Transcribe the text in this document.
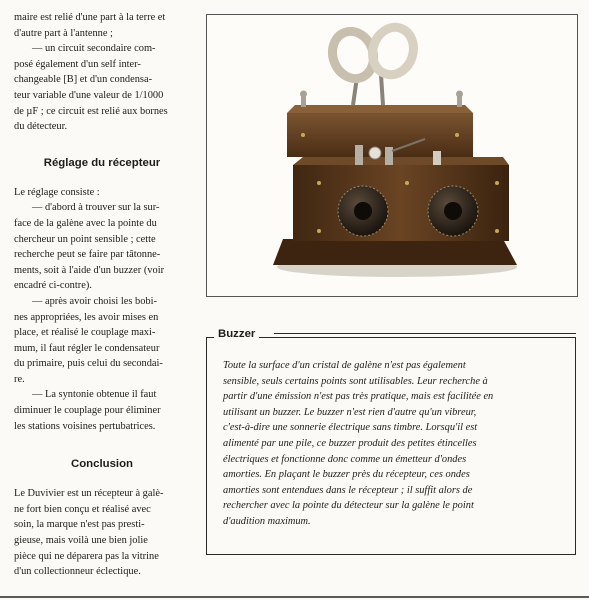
maire est relié d'une part à la terre et

d'autre part à l'antenne ;

— un circuit secondaire com-

posé également d'un self inter-

changeable [B] et d'un condensa-

teur variable d'une valeur de 1/1000

de µF ; ce circuit est relié aux bornes

du détecteur.

Réglage du récepteur

Le réglage consiste :

— d'abord à trouver sur la sur-

face de la galène avec la pointe du

chercheur un point sensible ; cette

recherche peut se faire par tâtonne-

ments, soit à l'aide d'un buzzer (voir

encadré ci-contre).

— après avoir choisi les bobi-

nes appropriées, les avoir mises en

place, et réalisé le couplage maxi-

mum, il faut régler le condensateur

du primaire, puis celui du secondai-

re.

— La syntonie obtenue il faut

diminuer le couplage pour éliminer

les stations voisines pertubatrices.

Conclusion

Le Duvivier est un récepteur à galè-

ne fort bien conçu et réalisé avec

soin, la marque n'est pas presti-

gieuse, mais voilà une bien jolie

pièce qui ne déparera pas la vitrine

d'un collectionneur éclectique.

Buzzer

Toute la surface d'un cristal de galène n'est pas également

sensible, seuls certains points sont utilisables. Leur recherche à

partir d'une émission n'est pas très pratique, mais est facilitée en

utilisant un buzzer. Le buzzer n'est rien d'autre qu'un vibreur,

c'est-à-dire une sonnerie électrique sans timbre. Lorsqu'il est

alimenté par une pile, ce buzzer produit des petites étincelles

électriques et fonctionne donc comme un émetteur d'ondes

amorties. En plaçant le buzzer près du récepteur, ces ondes

amorties sont entendues dans le récepteur ; il suffit alors de

rechercher avec la pointe du détecteur sur la galène le point

d'audition maximum.
